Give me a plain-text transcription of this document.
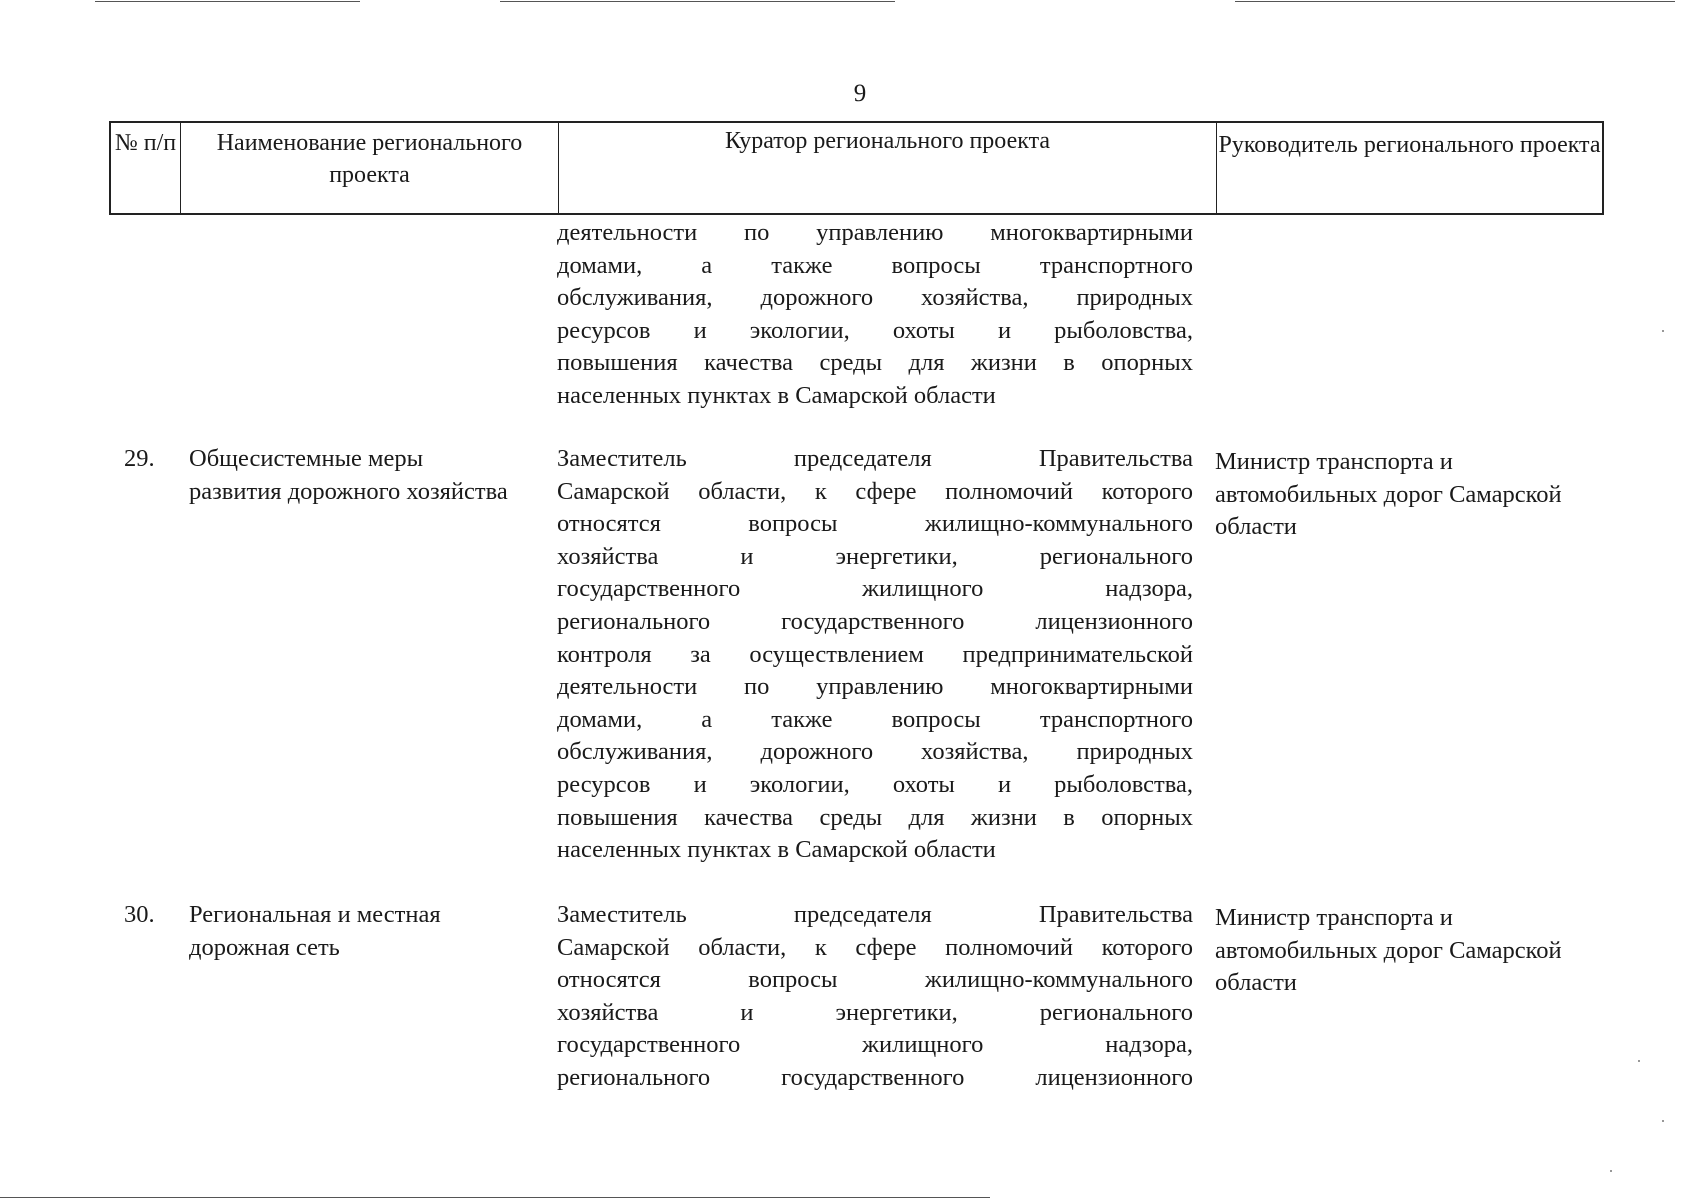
9
№ п/п	Наименование регионального проекта
Куратор регионального проекта	Руководитель регионального проекта
деятельности по управлению многоквартирными
домами, а также вопросы транспортного
обслуживания, дорожного хозяйства, природных
ресурсов и экологии, охоты и рыболовства,
повышения качества среды для жизни в опорных
населенных пунктах в Самарской области
29. Общесистемные меры развития дорожного хозяйства
Заместитель председателя Правительства
Самарской области, к сфере полномочий которого
относятся вопросы жилищно-коммунального
хозяйства и энергетики, регионального
государственного жилищного надзора,
регионального государственного лицензионного
контроля за осуществлением предпринимательской
деятельности по управлению многоквартирными
домами, а также вопросы транспортного
обслуживания, дорожного хозяйства, природных
ресурсов и экологии, охоты и рыболовства,
повышения качества среды для жизни в опорных
населенных пунктах в Самарской области
Министр транспорта и автомобильных дорог Самарской области
30. Региональная и местная дорожная сеть
Заместитель председателя Правительства
Самарской области, к сфере полномочий которого
относятся вопросы жилищно-коммунального
хозяйства и энергетики, регионального
государственного жилищного надзора,
регионального государственного лицензионного
Министр транспорта и автомобильных дорог Самарской области
